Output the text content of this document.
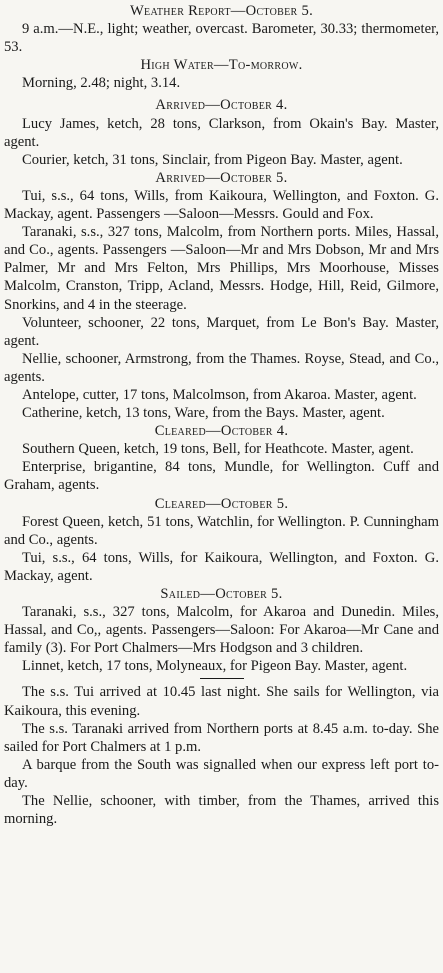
Weather Report—October 5.
9 a.m.—N.E., light; weather, overcast. Barometer, 30.33; thermometer, 53.
High Water—To-morrow.
Morning, 2.48; night, 3.14.
Arrived—October 4.
Lucy James, ketch, 28 tons, Clarkson, from Okain's Bay. Master, agent.
Courier, ketch, 31 tons, Sinclair, from Pigeon Bay. Master, agent.
Arrived—October 5.
Tui, s.s., 64 tons, Wills, from Kaikoura, Wellington, and Foxton. G. Mackay, agent. Passengers —Saloon—Messrs. Gould and Fox.
Taranaki, s.s., 327 tons, Malcolm, from Northern ports. Miles, Hassal, and Co., agents. Passengers —Saloon—Mr and Mrs Dobson, Mr and Mrs Palmer, Mr and Mrs Felton, Mrs Phillips, Mrs Moorhouse, Misses Malcolm, Cranston, Tripp, Acland, Messrs. Hodge, Hill, Reid, Gilmore, Snorkins, and 4 in the steerage.
Volunteer, schooner, 22 tons, Marquet, from Le Bon's Bay. Master, agent.
Nellie, schooner, Armstrong, from the Thames. Royse, Stead, and Co., agents.
Antelope, cutter, 17 tons, Malcolmson, from Akaroa. Master, agent.
Catherine, ketch, 13 tons, Ware, from the Bays. Master, agent.
Cleared—October 4.
Southern Queen, ketch, 19 tons, Bell, for Heathcote. Master, agent.
Enterprise, brigantine, 84 tons, Mundle, for Wellington. Cuff and Graham, agents.
Cleared—October 5.
Forest Queen, ketch, 51 tons, Watchlin, for Wellington. P. Cunningham and Co., agents.
Tui, s.s., 64 tons, Wills, for Kaikoura, Wellington, and Foxton. G. Mackay, agent.
Sailed—October 5.
Taranaki, s.s., 327 tons, Malcolm, for Akaroa and Dunedin. Miles, Hassal, and Co,, agents. Passengers—Saloon: For Akaroa—Mr Cane and family (3). For Port Chalmers—Mrs Hodgson and 3 children.
Linnet, ketch, 17 tons, Molyneaux, for Pigeon Bay. Master, agent.
The s.s. Tui arrived at 10.45 last night. She sails for Wellington, via Kaikoura, this evening.
The s.s. Taranaki arrived from Northern ports at 8.45 a.m. to-day. She sailed for Port Chalmers at 1 p.m.
A barque from the South was signalled when our express left port to-day.
The Nellie, schooner, with timber, from the Thames, arrived this morning.
